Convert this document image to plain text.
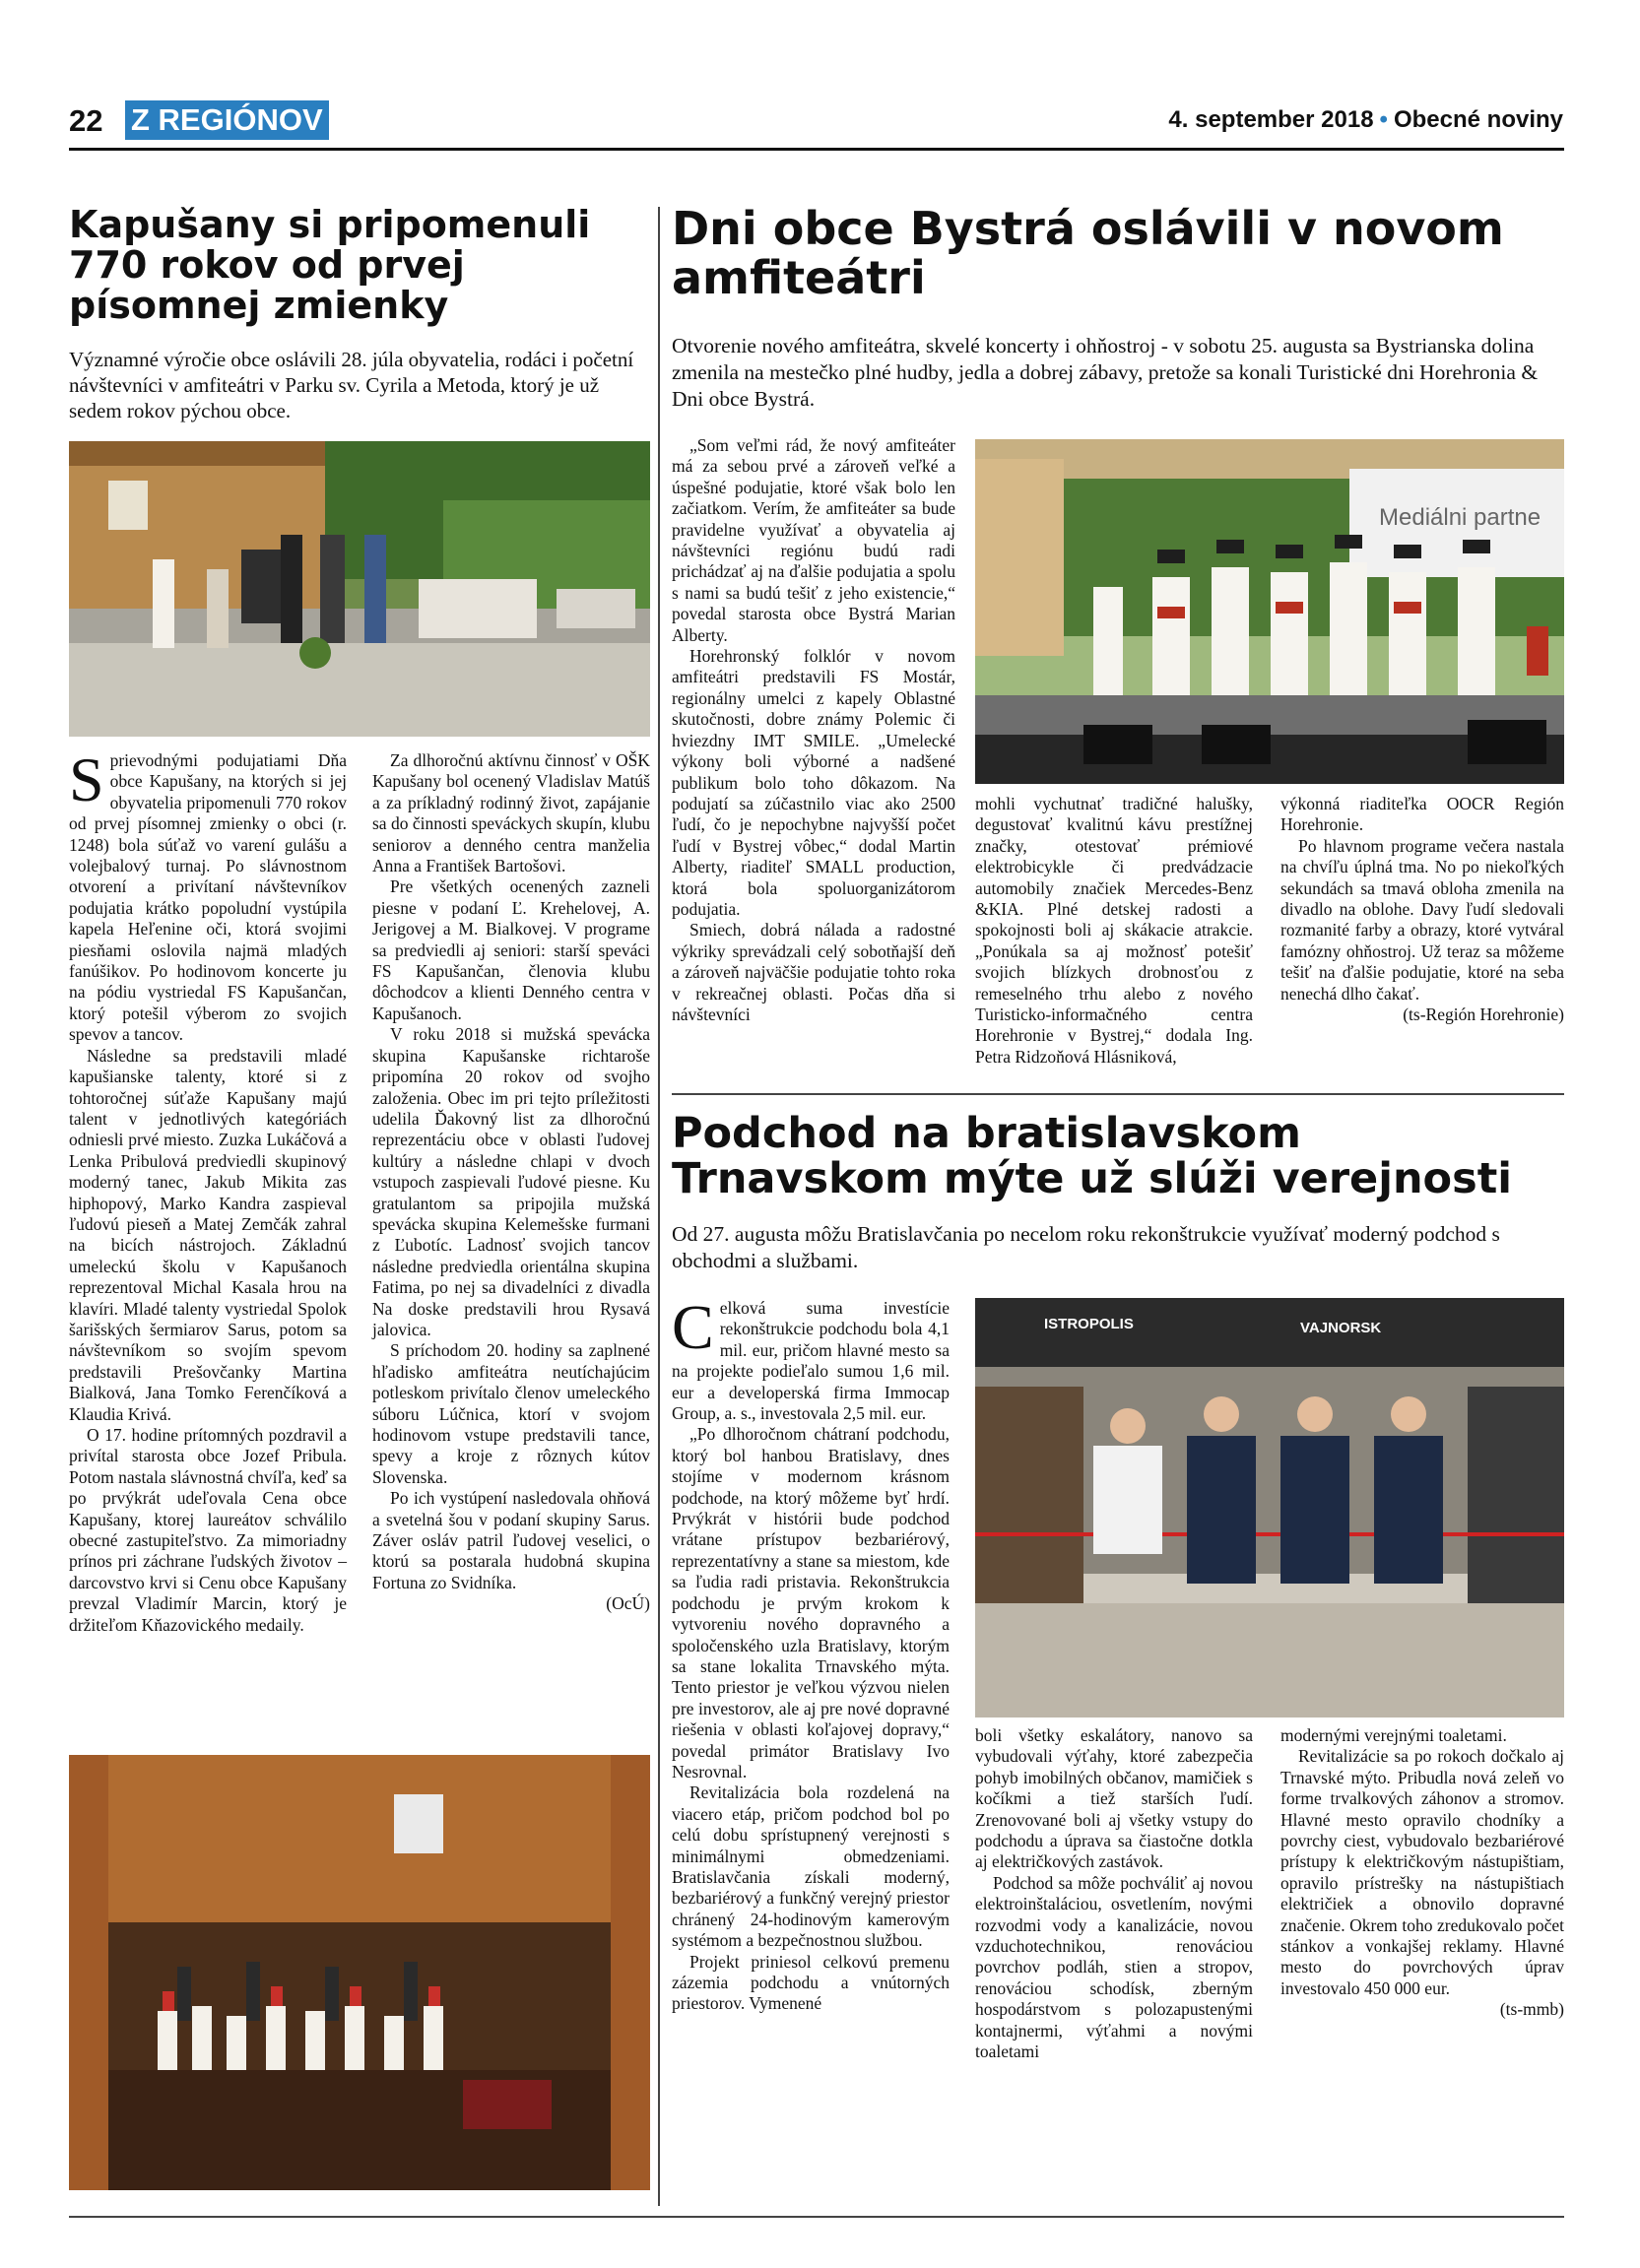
22 Z REGIÓNOV	4. september 2018 • Obecné noviny
Kapušany si pripomenuli 770 rokov od prvej písomnej zmienky
Významné výročie obce oslávili 28. júla obyvatelia, rodáci i početní návštevníci v amfiteátri v Parku sv. Cyrila a Metoda, ktorý je už sedem rokov pýchou obce.

Sprievodnými podujatiami Dňa obce Kapušany, na ktorých si jej obyvatelia pripomenuli 770 rokov od prvej písomnej zmienky o obci (r. 1248) bola súťaž vo varení gulášu a volejbalový turnaj. Po slávnostnom otvorení a privítaní návštevníkov podujatia krátko popoludní vystúpila kapela Heľenine oči, ktorá svojimi piesňami oslovila najmä mladých fanúšikov. Po hodinovom koncerte ju na pódiu vystriedal FS Kapušančan, ktorý potešil výberom zo svojich spevov a tancov.

Následne sa predstavili mladé kapušianske talenty, ktoré si z tohtoročnej súťaže Kapušany majú talent v jednotlivých kategóriách odniesli prvé miesto. Zuzka Lukáčová a Lenka Pribulová predviedli skupinový moderný tanec, Jakub Mikita zas hiphopový, Marko Kandra zaspieval ľudovú pieseň a Matej Zemčák zahral na bicích nástrojoch. Základnú umeleckú školu v Kapušanoch reprezentoval Michal Kasala hrou na klavíri. Mladé talenty vystriedal Spolok šarišských šermiarov Sarus, potom sa návštevníkom so svojím spevom predstavili Prešovčanky Martina Bialková, Jana Tomko Ferenčíková a Klaudia Krivá.

O 17. hodine prítomných pozdravil a privítal starosta obce Jozef Pribula. Potom nastala slávnostná chvíľa, keď sa po prvýkrát udeľovala Cena obce Kapušany, ktorej laureátov schválilo obecné zastupiteľstvo. Za mimoriadny prínos pri záchrane ľudských životov – darcovstvo krvi si Cenu obce Kapušany prevzal Vladimír Marcin, ktorý je držiteľom Kňazovického medaily.

Za dlhoročnú aktívnu činnosť v OŠK Kapušany bol ocenený Vladislav Matúš a za príkladný rodinný život, zapájanie sa do činnosti speváckych skupín, klubu seniorov a denného centra manželia Anna a František Bartošovi.

Pre všetkých ocenených zazneli piesne v podaní Ľ. Krehelovej, A. Jerigovej a M. Bialkovej. V programe sa predviedli aj seniori: starší speváci FS Kapušančan, členovia klubu dôchodcov a klienti Denného centra v Kapušanoch.

V roku 2018 si mužská spevácka skupina Kapušanske richtaroše pripomína 20 rokov od svojho založenia. Obec im pri tejto príležitosti udelila Ďakovný list za dlhoročnú reprezentáciu obce v oblasti ľudovej kultúry a následne chlapi v dvoch vstupoch zaspievali ľudové piesne. Ku gratulantom sa pripojila mužská spevácka skupina Kelemešske furmani z Ľubotíc. Ladnosť svojich tancov následne predviedla orientálna skupina Fatima, po nej sa divadelníci z divadla Na doske predstavili hrou Rysavá jalovica.

S príchodom 20. hodiny sa zaplnené hľadisko amfiteátra neutíchajúcim potleskom privítalo členov umeleckého súboru Lúčnica, ktorí v svojom hodinovom vstupe predstavili tance, spevy a kroje z rôznych kútov Slovenska.

Po ich vystúpení nasledovala ohňová a svetelná šou v podaní skupiny Sarus. Záver osláv patril ľudovej veselici, o ktorú sa postarala hudobná skupina Fortuna zo Svidníka.

(OcÚ)

Dni obce Bystrá oslávili v novom amfiteátri
Otvorenie nového amfiteátra, skvelé koncerty i ohňostroj - v sobotu 25. augusta sa Bystrianska dolina zmenila na mestečko plné hudby, jedla a dobrej zábavy, pretože sa konali Turistické dni Horehronia & Dni obce Bystrá.

„Som veľmi rád, že nový amfiteáter má za sebou prvé a zároveň veľké a úspešné podujatie, ktoré však bolo len začiatkom. Verím, že amfiteáter sa bude pravidelne využívať a obyvatelia aj návštevníci regiónu budú radi prichádzať aj na ďalšie podujatia a spolu s nami sa budú tešiť z jeho existencie,“ povedal starosta obce Bystrá Marian Alberty.

Horehronský folklór v novom amfiteátri predstavili FS Mostár, regionálny umelci z kapely Oblastné skutočnosti, dobre známy Polemic či hviezdny IMT SMILE. „Umelecké výkony boli výborné a nadšené publikum bolo toho dôkazom. Na podujatí sa zúčastnilo viac ako 2500 ľudí, čo je nepochybne najvyšší počet ľudí v Bystrej vôbec,“ dodal Martin Alberty, riaditeľ SMALL production, ktorá bola spoluorganizátorom podujatia.

Smiech, dobrá nálada a radostné výkriky sprevádzali celý sobotňajší deň a zároveň najväčšie podujatie tohto roka v rekreačnej oblasti. Počas dňa si návštevníci

Mediálni partne

mohli vychutnať tradičné halušky, degustovať kvalitnú kávu prestížnej značky, otestovať prémiové elektrobicykle či predvádzacie automobily značiek Mercedes-Benz &KIA. Plné detskej radosti a spokojnosti boli aj skákacie atrakcie. „Ponúkala sa aj možnosť potešiť svojich blízkych drobnosťou z remeselného trhu alebo z nového Turisticko-informačného centra Horehronie v Bystrej,“ dodala Ing. Petra Ridzoňová Hlásniková,

výkonná riaditeľka OOCR Región Horehronie.

Po hlavnom programe večera nastala na chvíľu úplná tma. No po niekoľkých sekundách sa tmavá obloha zmenila na divadlo na oblohe. Davy ľudí sledovali rozmanité farby a obrazy, ktoré vytváral famózny ohňostroj. Už teraz sa môžeme tešiť na ďalšie podujatie, ktoré na seba nenechá dlho čakať.

(ts-Región Horehronie)

Podchod na bratislavskom Trnavskom mýte už slúži verejnosti
Od 27. augusta môžu Bratislavčania po necelom roku rekonštrukcie využívať moderný podchod s obchodmi a službami.

Celková suma investície rekonštrukcie podchodu bola 4,1 mil. eur, pričom hlavné mesto sa na projekte podieľalo sumou 1,6 mil. eur a developerská firma Immocap Group, a. s., investovala 2,5 mil. eur.

„Po dlhoročnom chátraní podchodu, ktorý bol hanbou Bratislavy, dnes stojíme v modernom krásnom podchode, na ktorý môžeme byť hrdí. Prvýkrát v histórii bude podchod vrátane prístupov bezbariérový, reprezentatívny a stane sa miestom, kde sa ľudia radi pristavia. Rekonštrukcia podchodu je prvým krokom k vytvoreniu nového dopravného a spoločenského uzla Bratislavy, ktorým sa stane lokalita Trnavského mýta. Tento priestor je veľkou výzvou nielen pre investorov, ale aj pre nové dopravné riešenia v oblasti koľajovej dopravy,“ povedal primátor Bratislavy Ivo Nesrovnal.

Revitalizácia bola rozdelená na viacero etáp, pričom podchod bol po celú dobu sprístupnený verejnosti s minimálnymi obmedzeniami. Bratislavčania získali moderný, bezbariérový a funkčný verejný priestor chránený 24-hodinovým kamerovým systémom a bezpečnostnou službou.

Projekt priniesol celkovú premenu zázemia podchodu a vnútorných priestorov. Vymenené

ISTROPOLIS	VAJNORSK

boli všetky eskalátory, nanovo sa vybudovali výťahy, ktoré zabezpečia pohyb imobilných občanov, mamičiek s kočíkmi a tiež starších ľudí. Zrenovované boli aj všetky vstupy do podchodu a úprava sa čiastočne dotkla aj električkových zastávok.

Podchod sa môže pochváliť aj novou elektroinštaláciou, osvetlením, novými rozvodmi vody a kanalizácie, novou vzduchotechnikou, renováciou povrchov podláh, stien a stropov, renováciou schodísk, zberným hospodárstvom s polozapustenými kontajnermi, výťahmi a novými toaletami

modernými verejnými toaletami.

Revitalizácie sa po rokoch dočkalo aj Trnavské mýto. Pribudla nová zeleň vo forme trvalkových záhonov a stromov. Hlavné mesto opravilo chodníky a povrchy ciest, vybudovalo bezbariérové prístupy k električkovým nástupištiam, opravilo prístrešky na nástupištiach električiek a obnovilo dopravné značenie. Okrem toho zredukovalo počet stánkov a vonkajšej reklamy. Hlavné mesto do povrchových úprav investovalo 450 000 eur.

(ts-mmb)
